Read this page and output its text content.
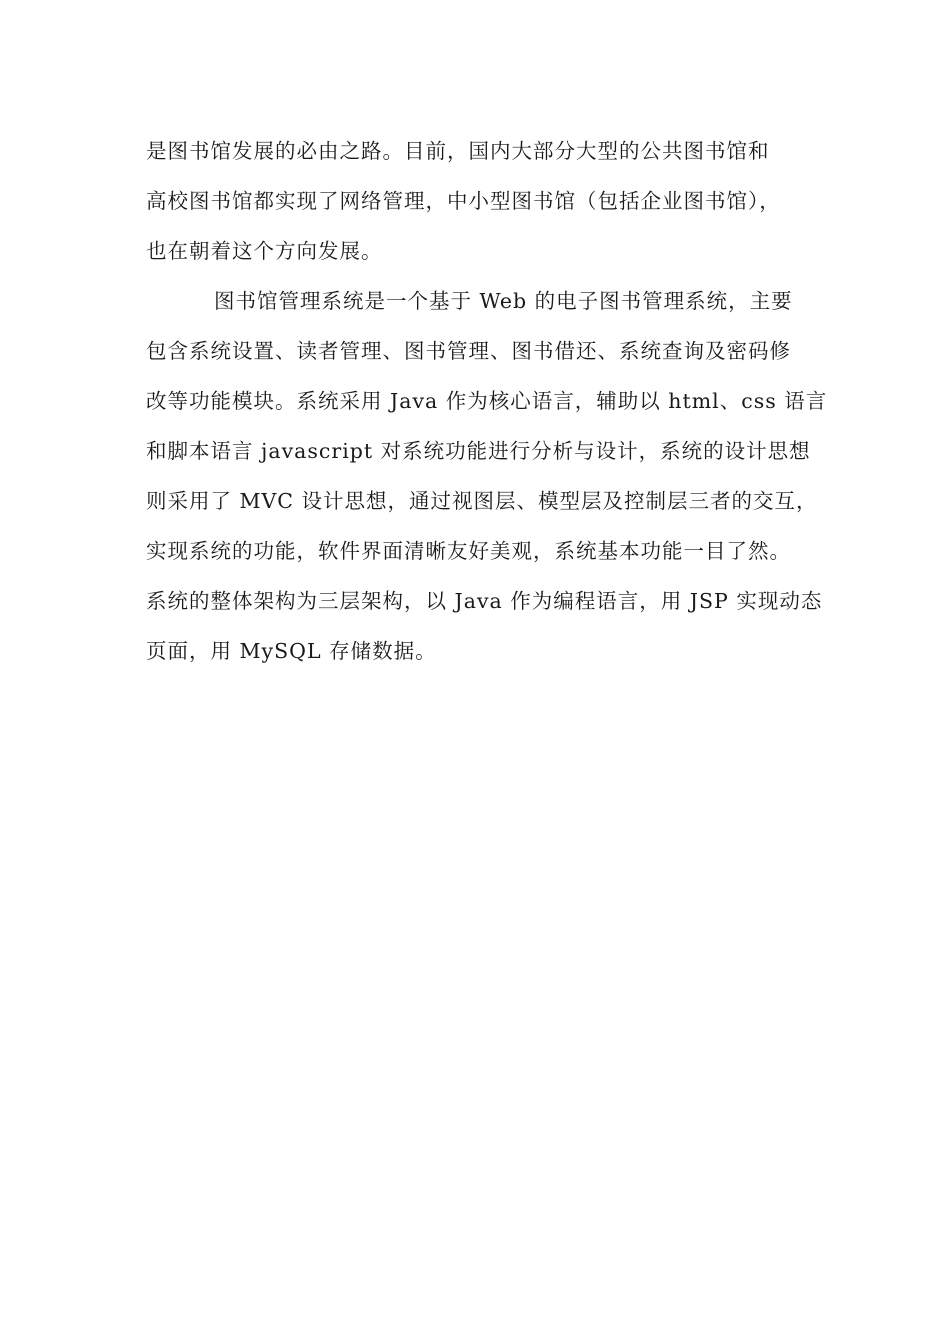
是图书馆发展的必由之路。目前，国内大部分大型的公共图书馆和
高校图书馆都实现了网络管理，中小型图书馆（包括企业图书馆），
也在朝着这个方向发展。
图书馆管理系统是一个基于 Web 的电子图书管理系统，主要
包含系统设置、读者管理、图书管理、图书借还、系统查询及密码修
改等功能模块。系统采用 Java 作为核心语言，辅助以 html、css 语言
和脚本语言 javascript 对系统功能进行分析与设计，系统的设计思想
则采用了 MVC 设计思想，通过视图层、模型层及控制层三者的交互，
实现系统的功能，软件界面清晰友好美观，系统基本功能一目了然。
系统的整体架构为三层架构，以 Java 作为编程语言，用 JSP 实现动态
页面，用 MySQL 存储数据。
